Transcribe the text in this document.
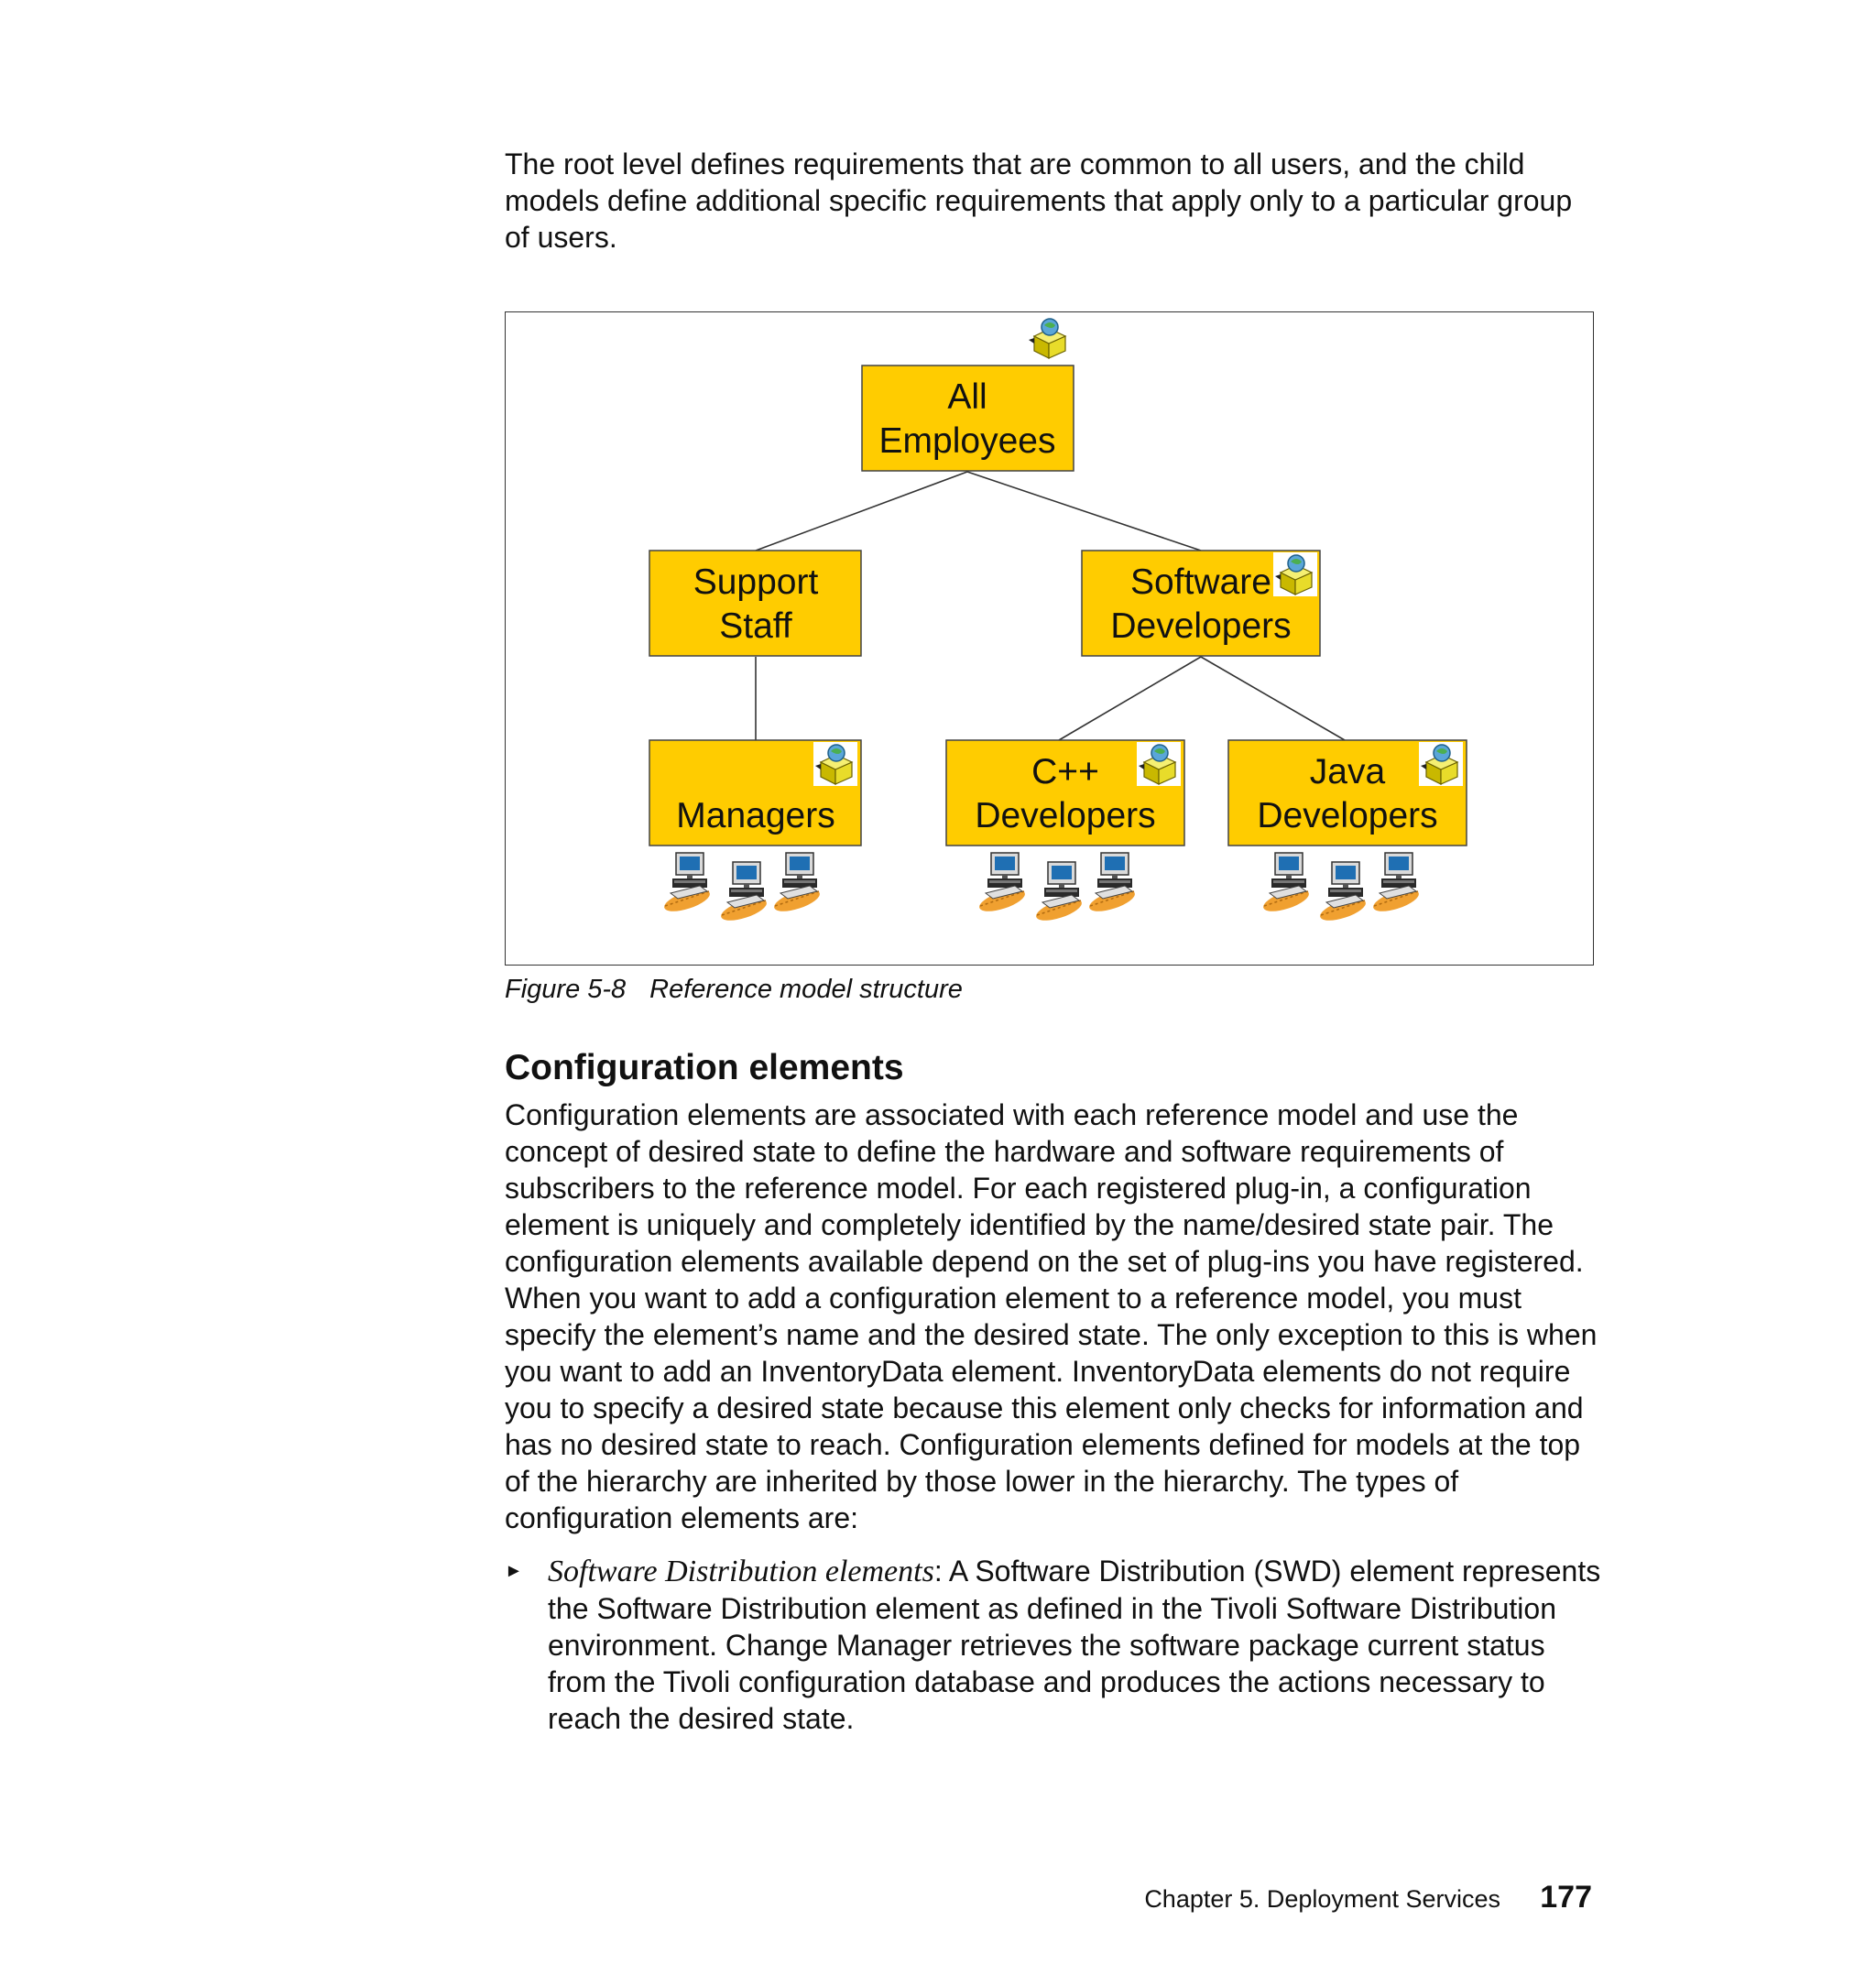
The root level defines requirements that are common to all users, and the child models define additional specific requirements that apply only to a particular group of users.

All
Employees
Support
Staff
Software
Developers
Managers
C++
Developers
Java
Developers
Figure 5-8 Reference model structure
Configuration elements

Configuration elements are associated with each reference model and use the concept of desired state to define the hardware and software requirements of subscribers to the reference model. For each registered plug-in, a configuration element is uniquely and completely identified by the name/desired state pair. The configuration elements available depend on the set of plug-ins you have registered. When you want to add a configuration element to a reference model, you must specify the element’s name and the desired state. The only exception to this is when you want to add an InventoryData element. InventoryData elements do not require you to specify a desired state because this element only checks for information and has no desired state to reach. Configuration elements defined for models at the top of the hierarchy are inherited by those lower in the hierarchy. The types of configuration elements are:

► Software Distribution elements: A Software Distribution (SWD) element represents the Software Distribution element as defined in the Tivoli Software Distribution environment. Change Manager retrieves the software package current status from the Tivoli configuration database and produces the actions necessary to reach the desired state.
Chapter 5. Deployment Services 177
